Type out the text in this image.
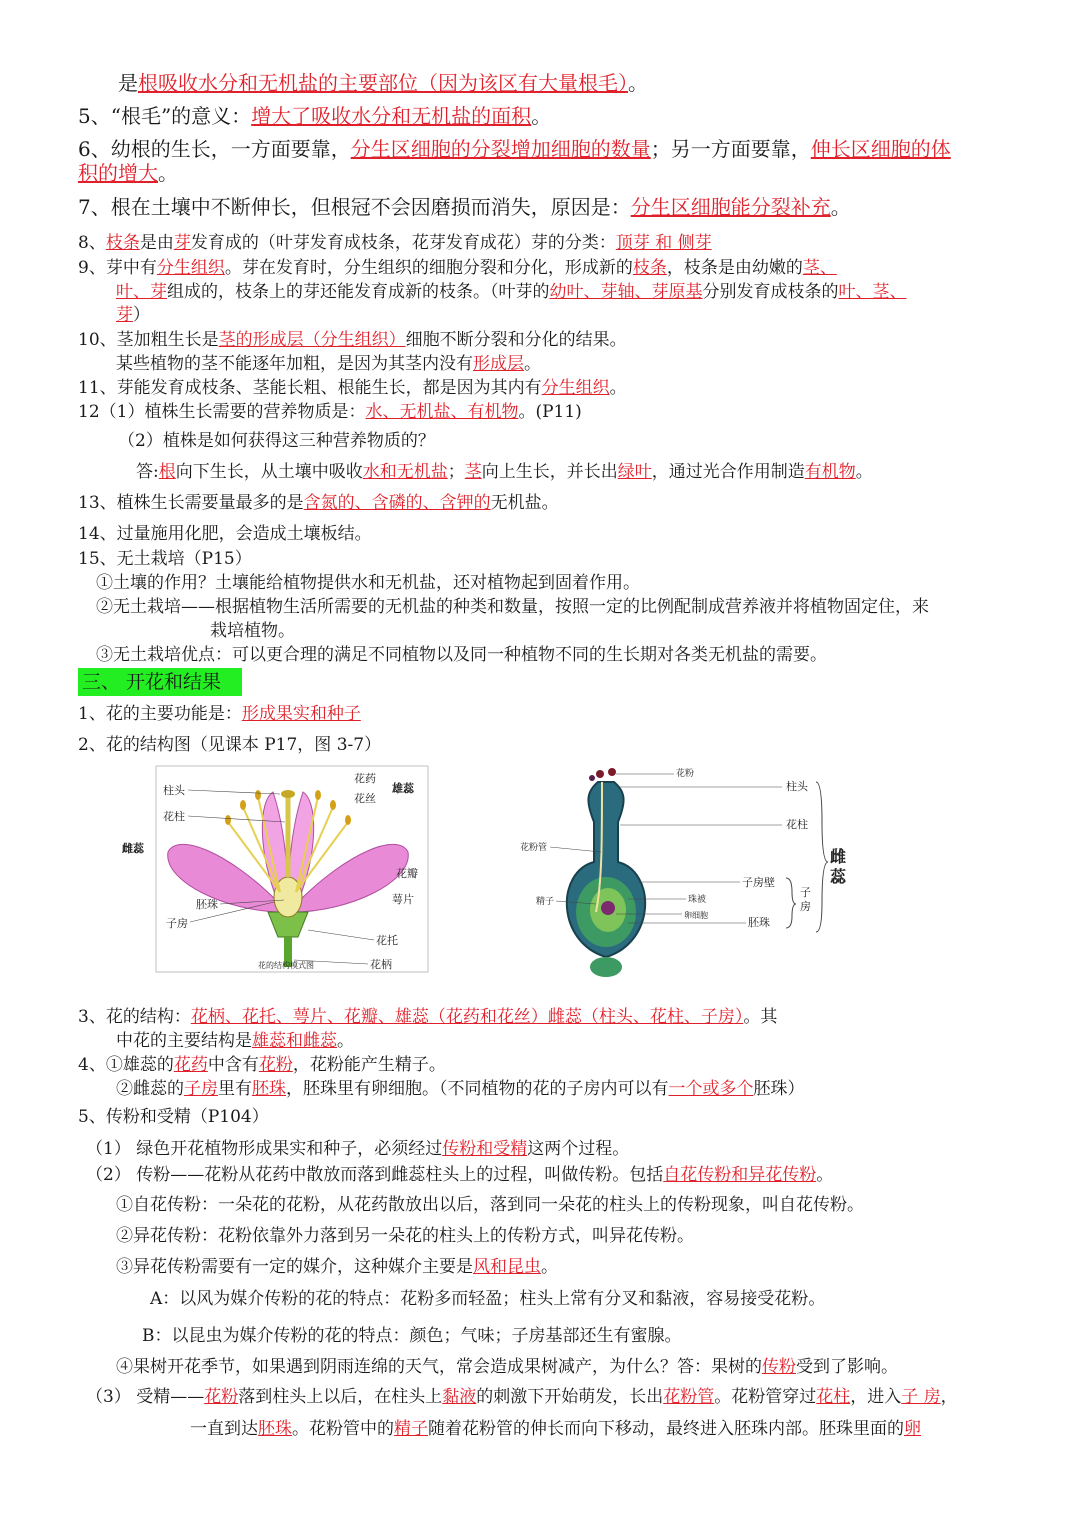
是根吸收水分和无机盐的主要部位（因为该区有大量根毛）。
5、“根毛”的意义：增大了吸收水分和无机盐的面积。
6、幼根的生长，一方面要靠，分生区细胞的分裂增加细胞的数量；另一方面要靠，伸长区细胞的体
积的增大。
7、根在土壤中不断伸长，但根冠不会因磨损而消失，原因是：分生区细胞能分裂补充。
8、枝条是由芽发育成的（叶芽发育成枝条，花芽发育成花）芽的分类：顶芽 和 侧芽
9、芽中有分生组织。芽在发育时，分生组织的细胞分裂和分化，形成新的枝条，枝条是由幼嫩的茎、
叶、芽组成的，枝条上的芽还能发育成新的枝条。（叶芽的幼叶、芽轴、芽原基分别发育成枝条的叶、茎、
芽）
10、茎加粗生长是茎的形成层（分生组织）细胞不断分裂和分化的结果。
某些植物的茎不能逐年加粗，是因为其茎内没有形成层。
11、芽能发育成枝条、茎能长粗、根能生长，都是因为其内有分生组织。
12（1）植株生长需要的营养物质是：水、无机盐、有机物。(P11)
（2）植株是如何获得这三种营养物质的？
答:根向下生长，从土壤中吸收水和无机盐；茎向上生长，并长出绿叶，通过光合作用制造有机物。
13、植株生长需要量最多的是含氮的、含磷的、含钾的无机盐。
14、过量施用化肥，会造成土壤板结。
15、无土栽培（P15）
①土壤的作用？土壤能给植物提供水和无机盐，还对植物起到固着作用。
②无土栽培——根据植物生活所需要的无机盐的种类和数量，按照一定的比例配制成营养液并将植物固定住，来
栽培植物。
③无土栽培优点：可以更合理的满足不同植物以及同一种植物不同的生长期对各类无机盐的需要。
三、 开花和结果
1、花的主要功能是：形成果实和种子
2、花的结构图（见课本 P17，图 3-7）
柱头
花柱
雌蕊
胚珠
子房
花药
花丝
雄蕊
花瓣
萼片
花托
花柄
花的结构模式图
花粉
花粉管
精子
柱头
花柱
雌
蕊
子房壁
子
房
珠被
卵细胞
胚珠
3、花的结构：花柄、花托、萼片、花瓣、雄蕊（花药和花丝）雌蕊（柱头、花柱、子房）。其
中花的主要结构是雄蕊和雌蕊。
4、①雄蕊的花药中含有花粉，花粉能产生精子。
②雌蕊的子房里有胚珠，胚珠里有卵细胞。（不同植物的花的子房内可以有一个或多个胚珠）
5、传粉和受精（P104）
（1） 绿色开花植物形成果实和种子，必须经过传粉和受精这两个过程。
（2） 传粉——花粉从花药中散放而落到雌蕊柱头上的过程，叫做传粉。包括自花传粉和异花传粉。
①自花传粉：一朵花的花粉，从花药散放出以后，落到同一朵花的柱头上的传粉现象，叫自花传粉。
②异花传粉：花粉依靠外力落到另一朵花的柱头上的传粉方式，叫异花传粉。
③异花传粉需要有一定的媒介，这种媒介主要是风和昆虫。
A：以风为媒介传粉的花的特点：花粉多而轻盈；柱头上常有分叉和黏液，容易接受花粉。
B：以昆虫为媒介传粉的花的特点：颜色；气味；子房基部还生有蜜腺。
④果树开花季节，如果遇到阴雨连绵的天气，常会造成果树减产，为什么？答：果树的传粉受到了影响。
（3） 受精——花粉落到柱头上以后，在柱头上黏液的刺激下开始萌发，长出花粉管。花粉管穿过花柱，进入子 房，
一直到达胚珠。花粉管中的精子随着花粉管的伸长而向下移动，最终进入胚珠内部。胚珠里面的卵
